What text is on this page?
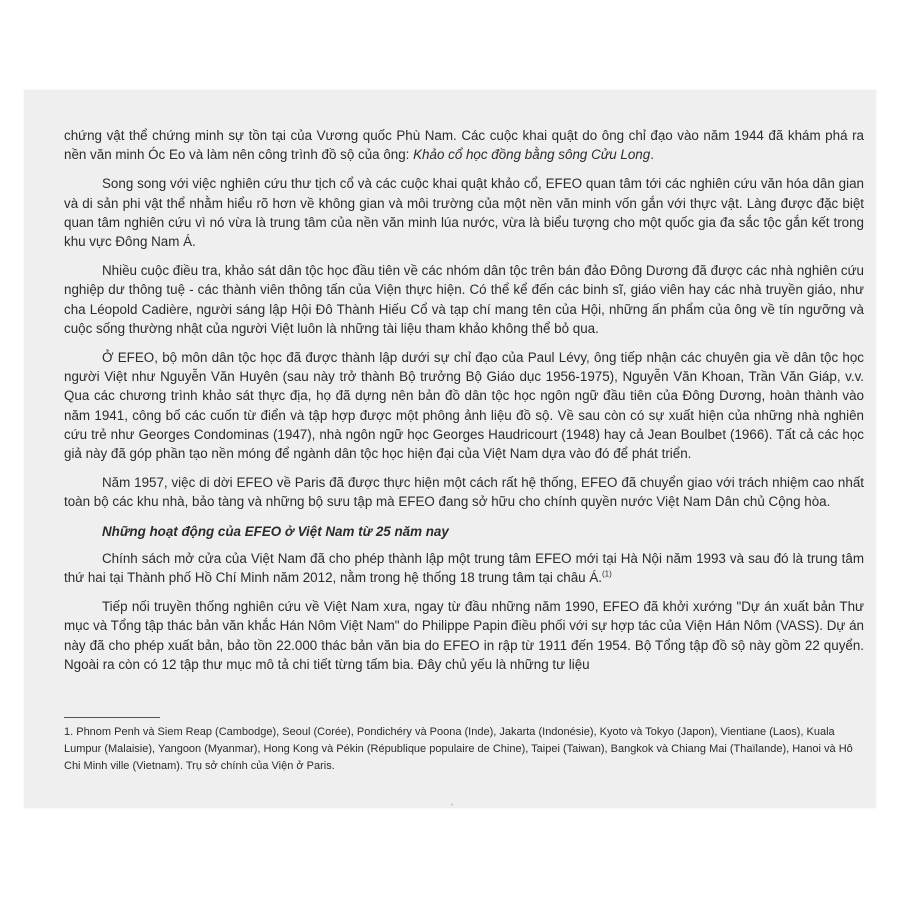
chứng vật thể chứng minh sự tồn tại của Vương quốc Phù Nam. Các cuộc khai quật do ông chỉ đạo vào năm 1944 đã khám phá ra nền văn minh Óc Eo và làm nên công trình đồ sộ của ông: Khảo cổ học đồng bằng sông Cửu Long.

Song song với việc nghiên cứu thư tịch cổ và các cuộc khai quật khảo cổ, EFEO quan tâm tới các nghiên cứu văn hóa dân gian và di sản phi vật thể nhằm hiểu rõ hơn về không gian và môi trường của một nền văn minh vốn gắn với thực vật. Làng được đặc biệt quan tâm nghiên cứu vì nó vừa là trung tâm của nền văn minh lúa nước, vừa là biểu tượng cho một quốc gia đa sắc tộc gắn kết trong khu vực Đông Nam Á.

Nhiều cuộc điều tra, khảo sát dân tộc học đầu tiên về các nhóm dân tộc trên bán đảo Đông Dương đã được các nhà nghiên cứu nghiệp dư thông tuệ - các thành viên thông tấn của Viện thực hiện. Có thể kể đến các binh sĩ, giáo viên hay các nhà truyền giáo, như cha Léopold Cadière, người sáng lập Hội Đô Thành Hiếu Cổ và tạp chí mang tên của Hội, những ấn phẩm của ông về tín ngưỡng và cuộc sống thường nhật của người Việt luôn là những tài liệu tham khảo không thể bỏ qua.

Ở EFEO, bộ môn dân tộc học đã được thành lập dưới sự chỉ đạo của Paul Lévy, ông tiếp nhận các chuyên gia về dân tộc học người Việt như Nguyễn Văn Huyên (sau này trở thành Bộ trưởng Bộ Giáo dục 1956-1975), Nguyễn Văn Khoan, Trần Văn Giáp, v.v. Qua các chương trình khảo sát thực địa, họ đã dựng nên bản đồ dân tộc học ngôn ngữ đầu tiên của Đông Dương, hoàn thành vào năm 1941, công bố các cuốn từ điển và tập hợp được một phông ảnh liệu đồ sộ. Về sau còn có sự xuất hiện của những nhà nghiên cứu trẻ như Georges Condominas (1947), nhà ngôn ngữ học Georges Haudricourt (1948) hay cả Jean Boulbet (1966). Tất cả các học giả này đã góp phần tạo nền móng để ngành dân tộc học hiện đại của Việt Nam dựa vào đó để phát triển.

Năm 1957, việc di dời EFEO về Paris đã được thực hiện một cách rất hệ thống, EFEO đã chuyển giao với trách nhiệm cao nhất toàn bộ các khu nhà, bảo tàng và những bộ sưu tập mà EFEO đang sở hữu cho chính quyền nước Việt Nam Dân chủ Cộng hòa.

Những hoạt động của EFEO ở Việt Nam từ 25 năm nay

Chính sách mở cửa của Việt Nam đã cho phép thành lập một trung tâm EFEO mới tại Hà Nội năm 1993 và sau đó là trung tâm thứ hai tại Thành phố Hồ Chí Minh năm 2012, nằm trong hệ thống 18 trung tâm tại châu Á.$^{(1)}$

Tiếp nối truyền thống nghiên cứu về Việt Nam xưa, ngay từ đầu những năm 1990, EFEO đã khởi xướng "Dự án xuất bản Thư mục và Tổng tập thác bản văn khắc Hán Nôm Việt Nam" do Philippe Papin điều phối với sự hợp tác của Viện Hán Nôm (VASS). Dự án này đã cho phép xuất bản, bảo tồn 22.000 thác bản văn bia do EFEO in rập từ 1911 đến 1954. Bộ Tổng tập đồ sộ này gồm 22 quyển. Ngoài ra còn có 12 tập thư mục mô tả chi tiết từng tấm bia. Đây chủ yếu là những tư liệu

1. Phnom Penh và Siem Reap (Cambodge), Seoul (Corée), Pondichéry và Poona (Inde), Jakarta (Indonésie), Kyoto và Tokyo (Japon), Vientiane (Laos), Kuala Lumpur (Malaisie), Yangoon (Myanmar), Hong Kong và Pékin (République populaire de Chine), Taipei (Taiwan), Bangkok và Chiang Mai (Thaïlande), Hanoi và Hô Chi Minh ville (Vietnam). Trụ sở chính của Viện ở Paris.

ʻ
